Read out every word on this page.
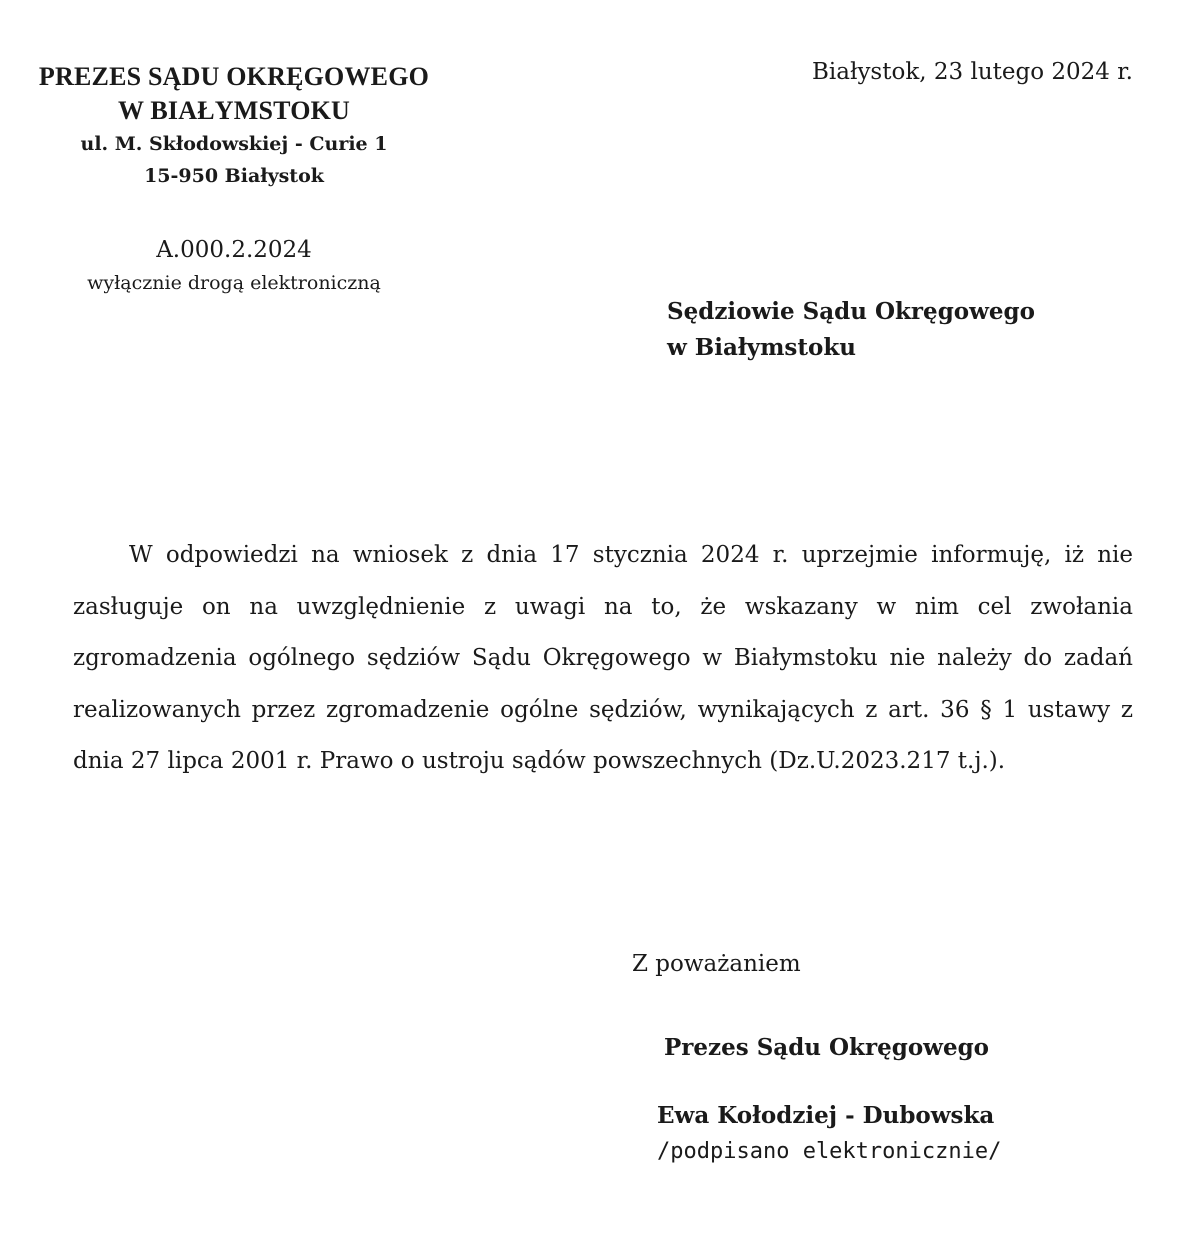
PREZES SĄDU OKRĘGOWEGO
W BIAŁYMSTOKU
ul. M. Skłodowskiej - Curie 1
15-950 Białystok
A.000.2.2024
wyłącznie drogą elektroniczną
Białystok, 23 lutego 2024 r.
Sędziowie Sądu Okręgowego
w Białymstoku

W odpowiedzi na wniosek z dnia 17 stycznia 2024 r. uprzejmie informuję, iż nie zasługuje on na uwzględnienie z uwagi na to, że wskazany w nim cel zwołania zgromadzenia ogólnego sędziów Sądu Okręgowego w Białymstoku nie należy do zadań realizowanych przez zgromadzenie ogólne sędziów, wynikających z art. 36 § 1 ustawy z dnia 27 lipca 2001 r. Prawo o ustroju sądów powszechnych (Dz.U.2023.217 t.j.).

Z poważaniem
Prezes Sądu Okręgowego
Ewa Kołodziej - Dubowska
/podpisano elektronicznie/
